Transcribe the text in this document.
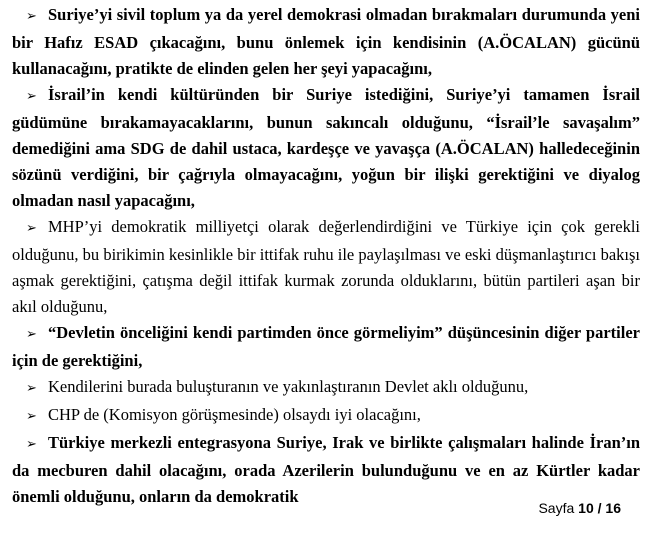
➢ Suriye’yi sivil toplum ya da yerel demokrasi olmadan bırakmaları durumunda yeni bir Hafız ESAD çıkacağını, bunu önlemek için kendisinin (A.ÖCALAN) gücünü kullanacağını, pratikte de elinden gelen her şeyi yapacağını,

➢ İsrail’in kendi kültüründen bir Suriye istediğini, Suriye’yi tamamen İsrail güdümüne bırakamayacaklarını, bunun sakıncalı olduğunu, “İsrail’le savaşalım” demediğini ama SDG de dahil ustaca, kardeşçe ve yavaşça (A.ÖCALAN) halledeceğinin sözünü verdiğini, bir çağrıyla olmayacağını, yoğun bir ilişki gerektiğini ve diyalog olmadan nasıl yapacağını,

➢ MHP’yi demokratik milliyetçi olarak değerlendirdiğini ve Türkiye için çok gerekli olduğunu, bu birikimin kesinlikle bir ittifak ruhu ile paylaşılması ve eski düşmanlaştırıcı bakışı aşmak gerektiğini, çatışma değil ittifak kurmak zorunda olduklarını, bütün partileri aşan bir akıl olduğunu,

➢ “Devletin önceliğini kendi partimden önce görmeliyim” düşüncesinin diğer partiler için de gerektiğini,

➢ Kendilerini burada buluşturanın ve yakınlaştıranın Devlet aklı olduğunu,

➢ CHP de (Komisyon görüşmesinde) olsaydı iyi olacağını,

➢ Türkiye merkezli entegrasyona Suriye, Irak ve birlikte çalışmaları halinde İran’ın da mecburen dahil olacağını, orada Azerilerin bulunduğunu ve en az Kürtler kadar önemli olduğunu, onların da demokratik

Sayfa 10 / 16
